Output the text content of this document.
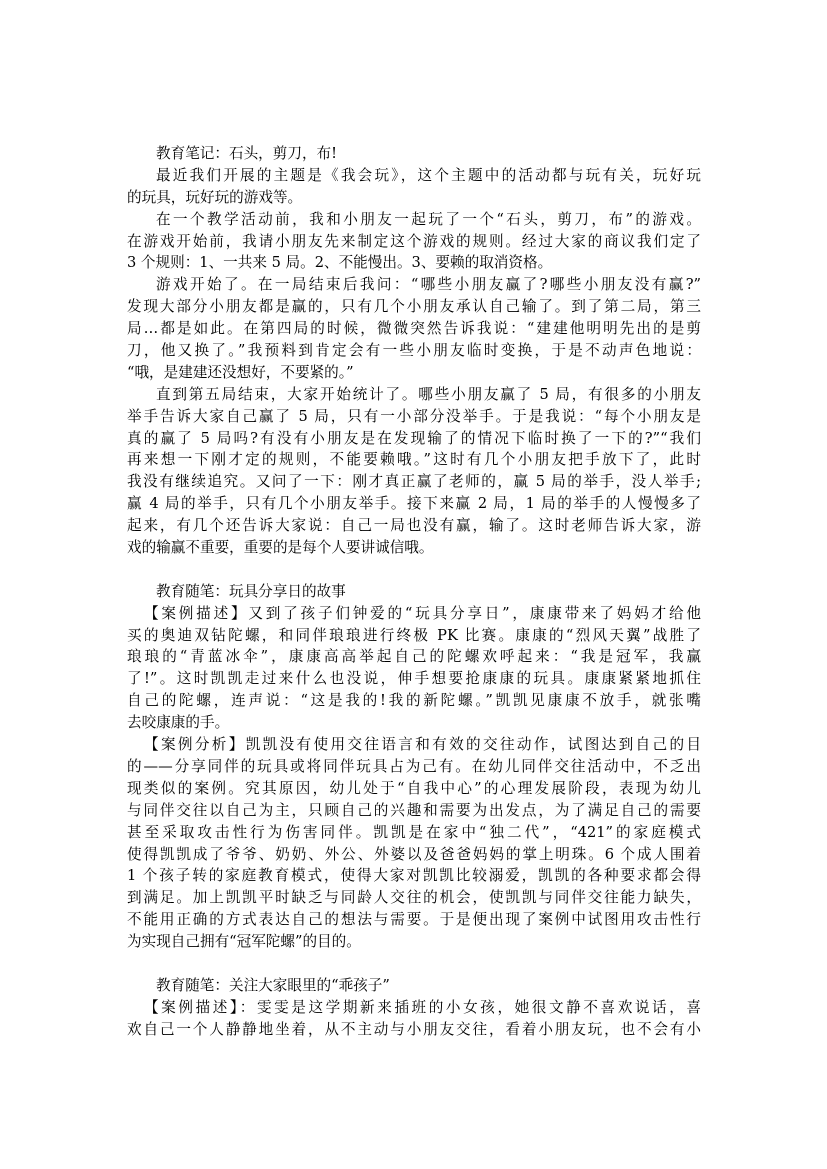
教育笔记：石头，剪刀，布!
最近我们开展的主题是《我会玩》，这个主题中的活动都与玩有关，玩好玩
的玩具，玩好玩的游戏等。
在一个教学活动前，我和小朋友一起玩了一个“石头，剪刀，布”的游戏。
在游戏开始前，我请小朋友先来制定这个游戏的规则。经过大家的商议我们定了
3 个规则：1、一共来 5 局。2、不能慢出。3、要赖的取消资格。
游戏开始了。在一局结束后我问：“哪些小朋友赢了?哪些小朋友没有赢?”
发现大部分小朋友都是赢的，只有几个小朋友承认自己输了。到了第二局，第三
局…都是如此。在第四局的时候，微微突然告诉我说：“建建他明明先出的是剪
刀，他又换了。”我预料到肯定会有一些小朋友临时变换，于是不动声色地说：
“哦，是建建还没想好，不要紧的。”
直到第五局结束，大家开始统计了。哪些小朋友赢了 5 局，有很多的小朋友
举手告诉大家自己赢了 5 局，只有一小部分没举手。于是我说：“每个小朋友是
真的赢了 5 局吗?有没有小朋友是在发现输了的情况下临时换了一下的?”“我们
再来想一下刚才定的规则，不能要赖哦。”这时有几个小朋友把手放下了，此时
我没有继续追究。又问了一下：刚才真正赢了老师的，赢 5 局的举手，没人举手;
赢 4 局的举手，只有几个小朋友举手。接下来赢 2 局，1 局的举手的人慢慢多了
起来，有几个还告诉大家说：自己一局也没有赢，输了。这时老师告诉大家，游
戏的输赢不重要，重要的是每个人要讲诚信哦。
教育随笔：玩具分享日的故事
【案例描述】又到了孩子们钟爱的“玩具分享日”，康康带来了妈妈才给他
买的奥迪双钻陀螺，和同伴琅琅进行终极 PK 比赛。康康的“烈风天翼”战胜了
琅琅的“青蓝冰伞”，康康高高举起自己的陀螺欢呼起来：“我是冠军，我赢
了!”。这时凯凯走过来什么也没说，伸手想要抢康康的玩具。康康紧紧地抓住
自己的陀螺，连声说：“这是我的!我的新陀螺。”凯凯见康康不放手，就张嘴
去咬康康的手。
【案例分析】凯凯没有使用交往语言和有效的交往动作，试图达到自己的目
的——分享同伴的玩具或将同伴玩具占为己有。在幼儿同伴交往活动中，不乏出
现类似的案例。究其原因，幼儿处于“自我中心”的心理发展阶段，表现为幼儿
与同伴交往以自己为主，只顾自己的兴趣和需要为出发点，为了满足自己的需要
甚至采取攻击性行为伤害同伴。凯凯是在家中“独二代”，“421”的家庭模式
使得凯凯成了爷爷、奶奶、外公、外婆以及爸爸妈妈的掌上明珠。6 个成人围着
1 个孩子转的家庭教育模式，使得大家对凯凯比较溺爱，凯凯的各种要求都会得
到满足。加上凯凯平时缺乏与同龄人交往的机会，使凯凯与同伴交往能力缺失，
不能用正确的方式表达自己的想法与需要。于是便出现了案例中试图用攻击性行
为实现自己拥有“冠军陀螺”的目的。
教育随笔：关注大家眼里的“乖孩子”
【案例描述】：雯雯是这学期新来插班的小女孩，她很文静不喜欢说话，喜
欢自己一个人静静地坐着，从不主动与小朋友交往，看着小朋友玩，也不会有小
